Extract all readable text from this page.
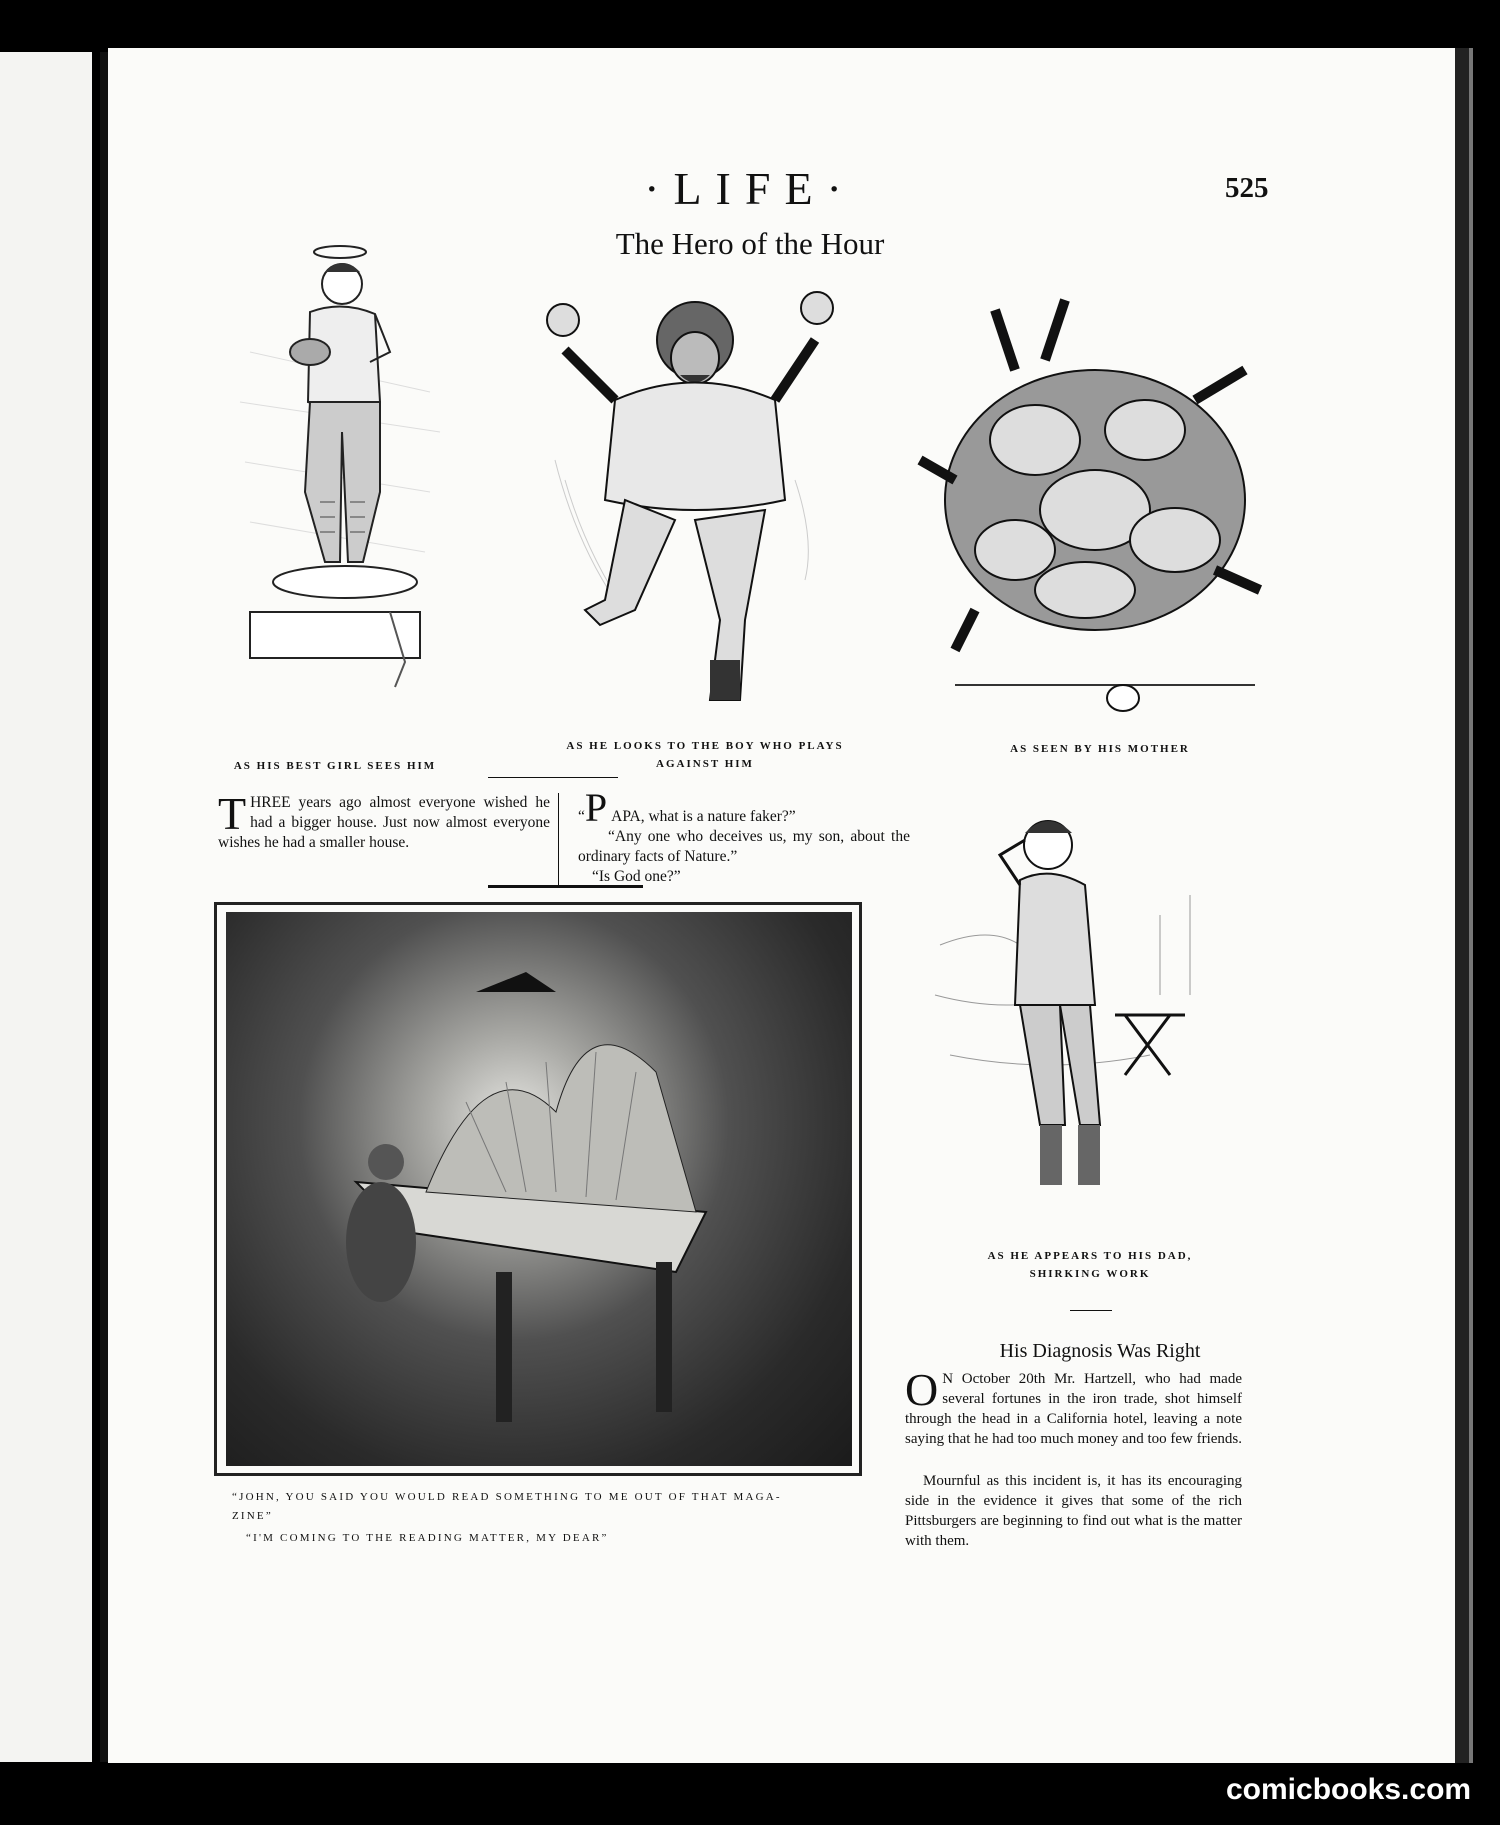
·LIFE·	525
The Hero of the Hour
AS HIS BEST GIRL SEES HIM
AS HE LOOKS TO THE BOY WHO PLAYS
AGAINST HIM
AS SEEN BY HIS MOTHER
THREE years ago almost everyone wished he had a bigger house. Just now almost everyone wishes he had a smaller house.
“P APA, what is a nature faker?”
“Any one who deceives us, my son, about the ordinary facts of Nature.”
“Is God one?”
“JOHN, YOU SAID YOU WOULD READ SOMETHING TO ME OUT OF THAT MAGA-
ZINE”
“I'M COMING TO THE READING MATTER, MY DEAR”
AS HE APPEARS TO HIS DAD,
SHIRKING WORK
His Diagnosis Was Right
O N October 20th Mr. Hartzell, who had made several fortunes in the iron trade, shot himself through the head in a California hotel, leaving a note saying that he had too much money and too few friends.
Mournful as this incident is, it has its encouraging side in the evidence it gives that some of the rich Pittsburgers are beginning to find out what is the matter with them.
comicbooks.com
